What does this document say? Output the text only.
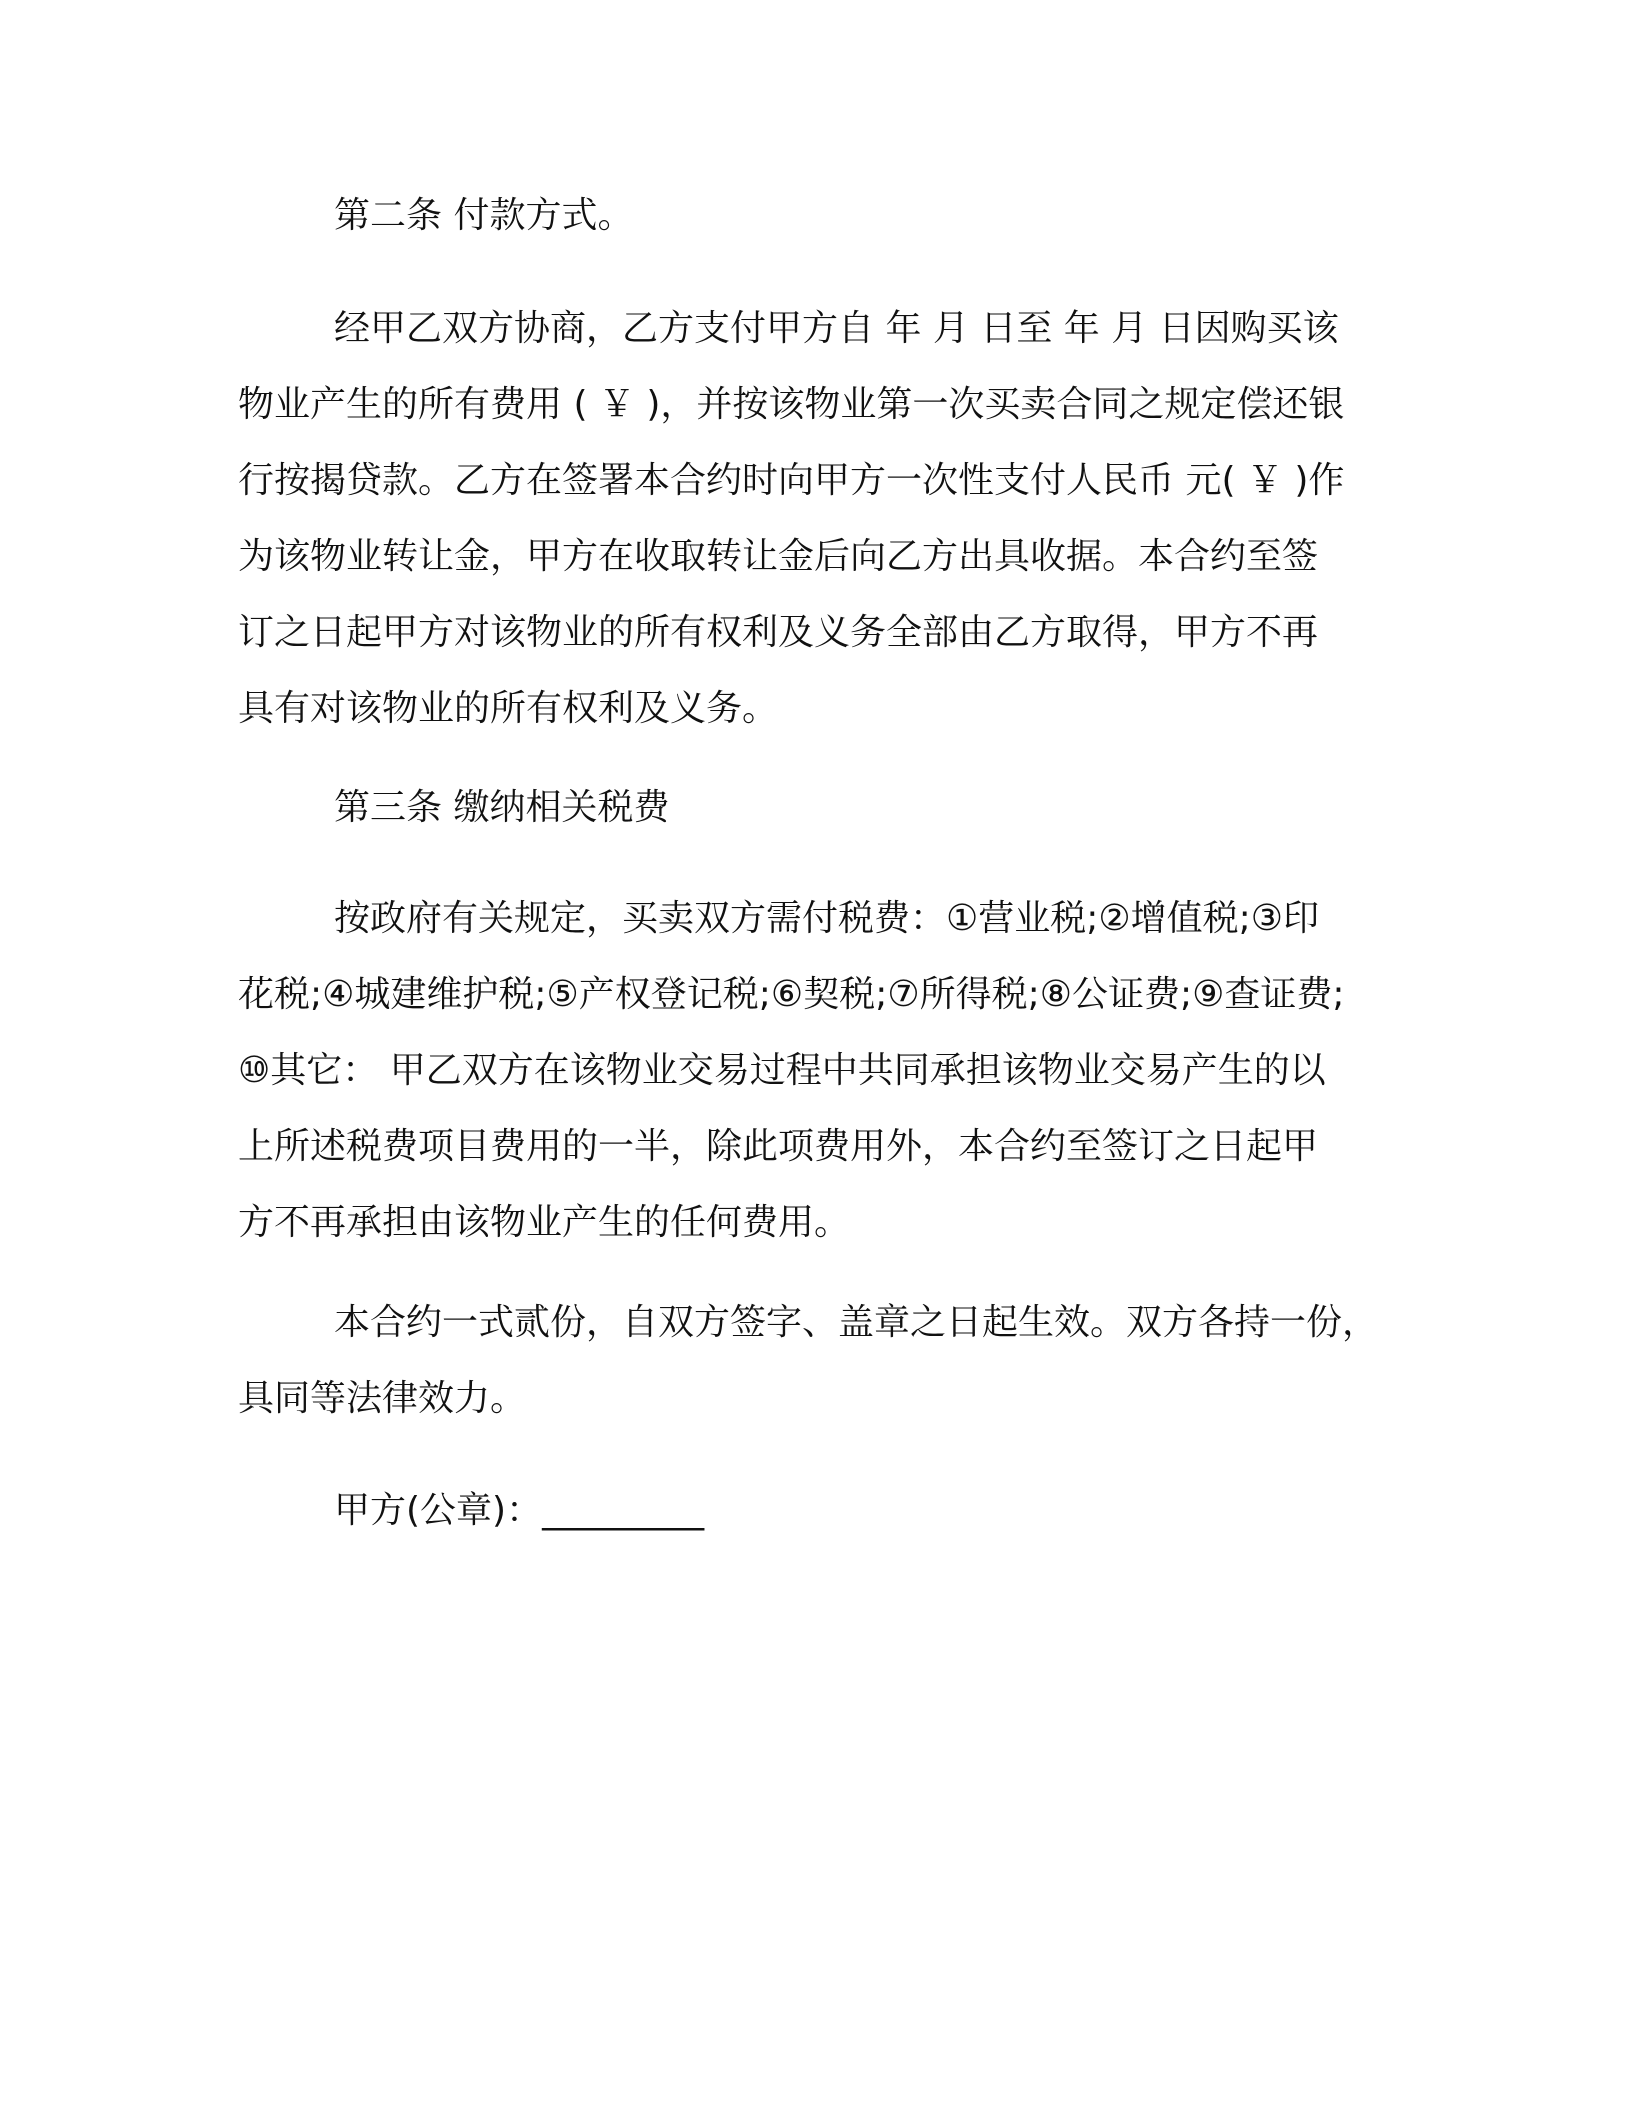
第二条 付款方式。

经甲乙双方协商，乙方支付甲方自 年 月 日至 年 月 日因购买该
物业产生的所有费用 ( ￥ )，并按该物业第一次买卖合同之规定偿还银
行按揭贷款。乙方在签署本合约时向甲方一次性支付人民币 元( ￥ )作
为该物业转让金，甲方在收取转让金后向乙方出具收据。本合约至签
订之日起甲方对该物业的所有权利及义务全部由乙方取得，甲方不再
具有对该物业的所有权利及义务。

第三条 缴纳相关税费

按政府有关规定，买卖双方需付税费：①营业税;②增值税;③印
花税;④城建维护税;⑤产权登记税;⑥契税;⑦所得税;⑧公证费;⑨查证费;
⑩其它： 甲乙双方在该物业交易过程中共同承担该物业交易产生的以
上所述税费项目费用的一半，除此项费用外，本合约至签订之日起甲
方不再承担由该物业产生的任何费用。

本合约一式贰份，自双方签字、盖章之日起生效。双方各持一份，
具同等法律效力。

甲方(公章)：_________
